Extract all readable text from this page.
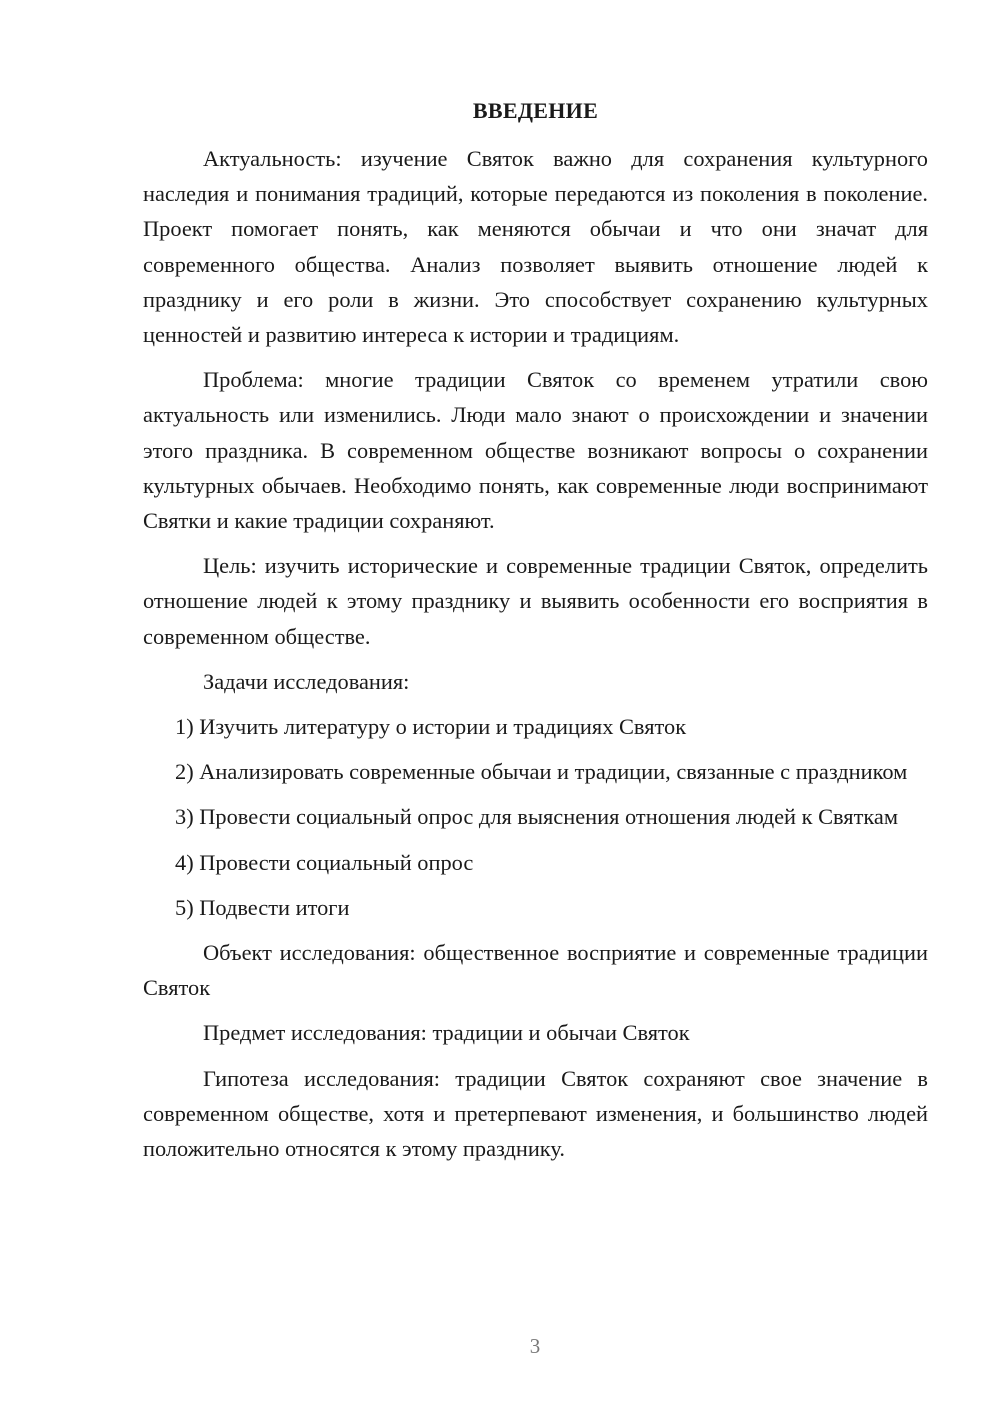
ВВЕДЕНИЕ

Актуальность: изучение Святок важно для сохранения культурного наследия и понимания традиций, которые передаются из поколения в поколение. Проект помогает понять, как меняются обычаи и что они значат для современного общества. Анализ позволяет выявить отношение людей к празднику и его роли в жизни. Это способствует сохранению культурных ценностей и развитию интереса к истории и традициям.

Проблема: многие традиции Святок со временем утратили свою актуальность или изменились. Люди мало знают о происхождении и значении этого праздника. В современном обществе возникают вопросы о сохранении культурных обычаев. Необходимо понять, как современные люди воспринимают Святки и какие традиции сохраняют.

Цель: изучить исторические и современные традиции Святок, определить отношение людей к этому празднику и выявить особенности его восприятия в современном обществе.

Задачи исследования:

1) Изучить литературу о истории и традициях Святок

2) Анализировать современные обычаи и традиции, связанные с праздником

3) Провести социальный опрос для выяснения отношения людей к Святкам

4) Провести социальный опрос

5) Подвести итоги

Объект исследования: общественное восприятие и современные традиции Святок

Предмет исследования: традиции и обычаи Святок

Гипотеза исследования: традиции Святок сохраняют свое значение в современном обществе, хотя и претерпевают изменения, и большинство людей положительно относятся к этому празднику.

3
